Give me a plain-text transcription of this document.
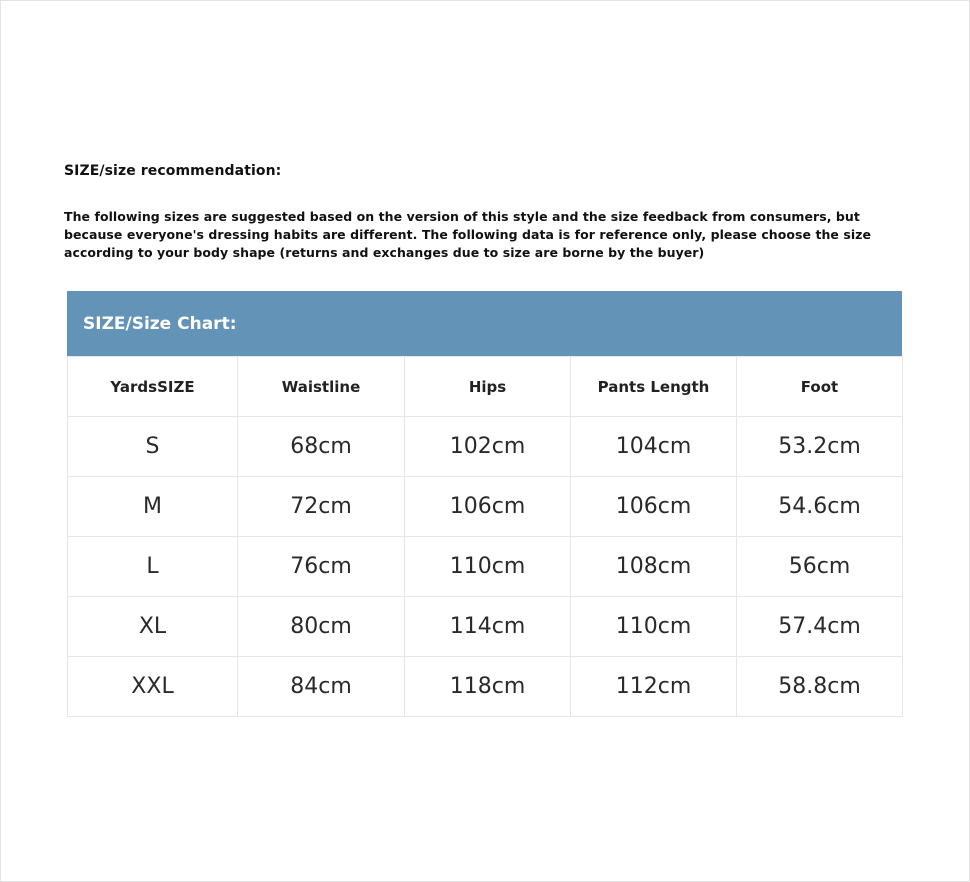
SIZE/size recommendation:
The following sizes are suggested based on the version of this style and the size feedback from consumers, but
because everyone's dressing habits are different. The following data is for reference only, please choose the size
according to your body shape (returns and exchanges due to size are borne by the buyer)
SIZE/Size Chart:
YardsSIZE	Waistline	Hips	Pants Length	Foot
S	68cm	102cm	104cm	53.2cm
M	72cm	106cm	106cm	54.6cm
L	76cm	110cm	108cm	56cm
XL	80cm	114cm	110cm	57.4cm
XXL	84cm	118cm	112cm	58.8cm
